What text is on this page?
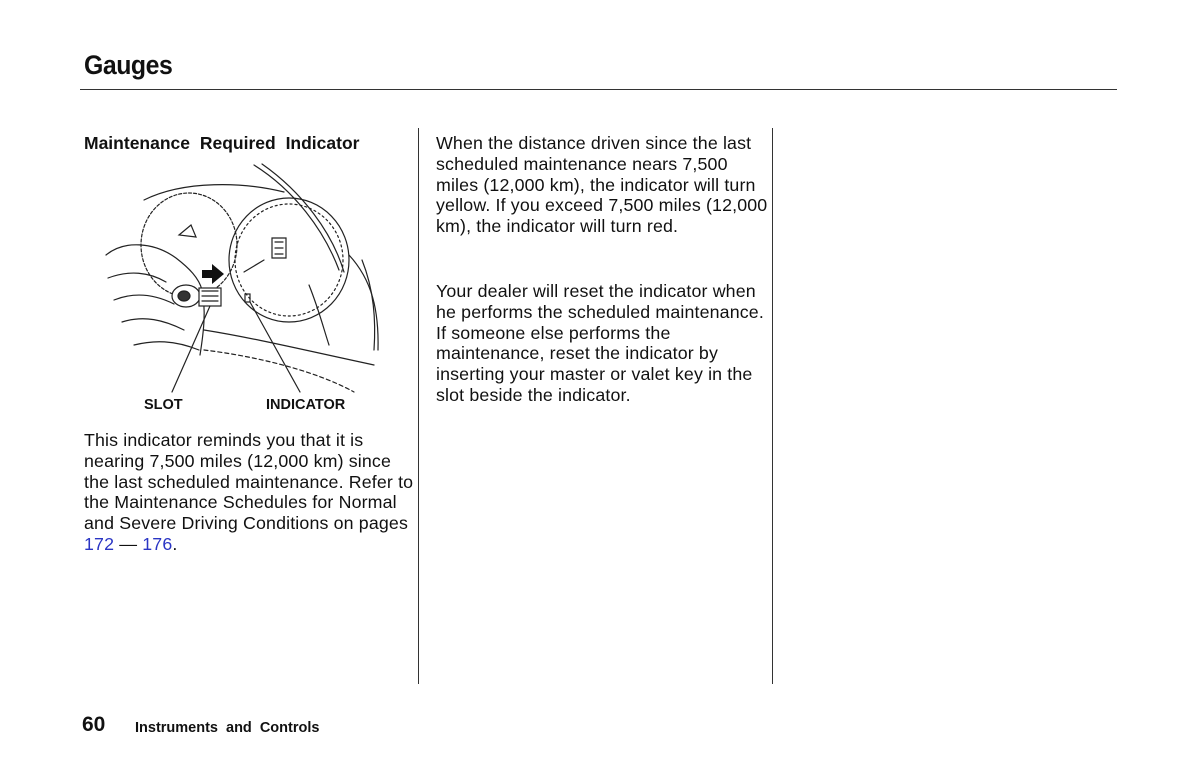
Gauges
Maintenance Required Indicator
SLOT	INDICATOR

This indicator reminds you that it is nearing 7,500 miles (12,000 km) since the last scheduled maintenance. Refer to the Maintenance Schedules for Normal and Severe Driving Conditions on pages 172 — 176.

When the distance driven since the last scheduled maintenance nears 7,500 miles (12,000 km), the indicator will turn yellow. If you exceed 7,500 miles (12,000 km), the indicator will turn red.

Your dealer will reset the indicator when he performs the scheduled maintenance. If someone else performs the maintenance, reset the indicator by inserting your master or valet key in the slot beside the indicator.

60 Instruments and Controls
